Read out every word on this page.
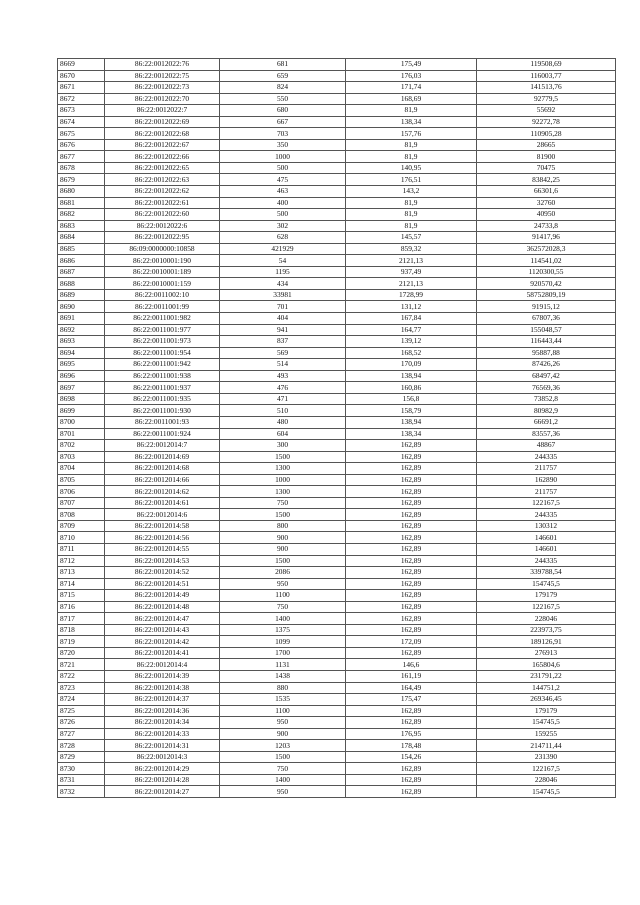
8669	86:22:0012022:76	681	175,49	119508,69
8670	86:22:0012022:75	659	176,03	116003,77
8671	86:22:0012022:73	824	171,74	141513,76
8672	86:22:0012022:70	550	168,69	92779,5
8673	86:22:0012022:7	680	81,9	55692
8674	86:22:0012022:69	667	138,34	92272,78
8675	86:22:0012022:68	703	157,76	110905,28
8676	86:22:0012022:67	350	81,9	28665
8677	86:22:0012022:66	1000	81,9	81900
8678	86:22:0012022:65	500	140,95	70475
8679	86:22:0012022:63	475	176,51	83842,25
8680	86:22:0012022:62	463	143,2	66301,6
8681	86:22:0012022:61	400	81,9	32760
8682	86:22:0012022:60	500	81,9	40950
8683	86:22:0012022:6	302	81,9	24733,8
8684	86:22:0012022:95	628	145,57	91417,96
8685	86:09:0000000:10858	421929	859,32	362572028,3
8686	86:22:0010001:190	54	2121,13	114541,02
8687	86:22:0010001:189	1195	937,49	1120300,55
8688	86:22:0010001:159	434	2121,13	920570,42
8689	86:22:0011002:10	33981	1728,99	58752809,19
8690	86:22:0011001:99	701	131,12	91915,12
8691	86:22:0011001:982	404	167,84	67807,36
8692	86:22:0011001:977	941	164,77	155048,57
8693	86:22:0011001:973	837	139,12	116443,44
8694	86:22:0011001:954	569	168,52	95887,88
8695	86:22:0011001:942	514	170,09	87426,26
8696	86:22:0011001:938	493	138,94	68497,42
8697	86:22:0011001:937	476	160,86	76569,36
8698	86:22:0011001:935	471	156,8	73852,8
8699	86:22:0011001:930	510	158,79	80982,9
8700	86:22:0011001:93	480	138,94	66691,2
8701	86:22:0011001:924	604	138,34	83557,36
8702	86:22:0012014:7	300	162,89	48867
8703	86:22:0012014:69	1500	162,89	244335
8704	86:22:0012014:68	1300	162,89	211757
8705	86:22:0012014:66	1000	162,89	162890
8706	86:22:0012014:62	1300	162,89	211757
8707	86:22:0012014:61	750	162,89	122167,5
8708	86:22:0012014:6	1500	162,89	244335
8709	86:22:0012014:58	800	162,89	130312
8710	86:22:0012014:56	900	162,89	146601
8711	86:22:0012014:55	900	162,89	146601
8712	86:22:0012014:53	1500	162,89	244335
8713	86:22:0012014:52	2086	162,89	339788,54
8714	86:22:0012014:51	950	162,89	154745,5
8715	86:22:0012014:49	1100	162,89	179179
8716	86:22:0012014:48	750	162,89	122167,5
8717	86:22:0012014:47	1400	162,89	228046
8718	86:22:0012014:43	1375	162,89	223973,75
8719	86:22:0012014:42	1099	172,09	189126,91
8720	86:22:0012014:41	1700	162,89	276913
8721	86:22:0012014:4	1131	146,6	165804,6
8722	86:22:0012014:39	1438	161,19	231791,22
8723	86:22:0012014:38	880	164,49	144751,2
8724	86:22:0012014:37	1535	175,47	269346,45
8725	86:22:0012014:36	1100	162,89	179179
8726	86:22:0012014:34	950	162,89	154745,5
8727	86:22:0012014:33	900	176,95	159255
8728	86:22:0012014:31	1203	178,48	214711,44
8729	86:22:0012014:3	1500	154,26	231390
8730	86:22:0012014:29	750	162,89	122167,5
8731	86:22:0012014:28	1400	162,89	228046
8732	86:22:0012014:27	950	162,89	154745,5
